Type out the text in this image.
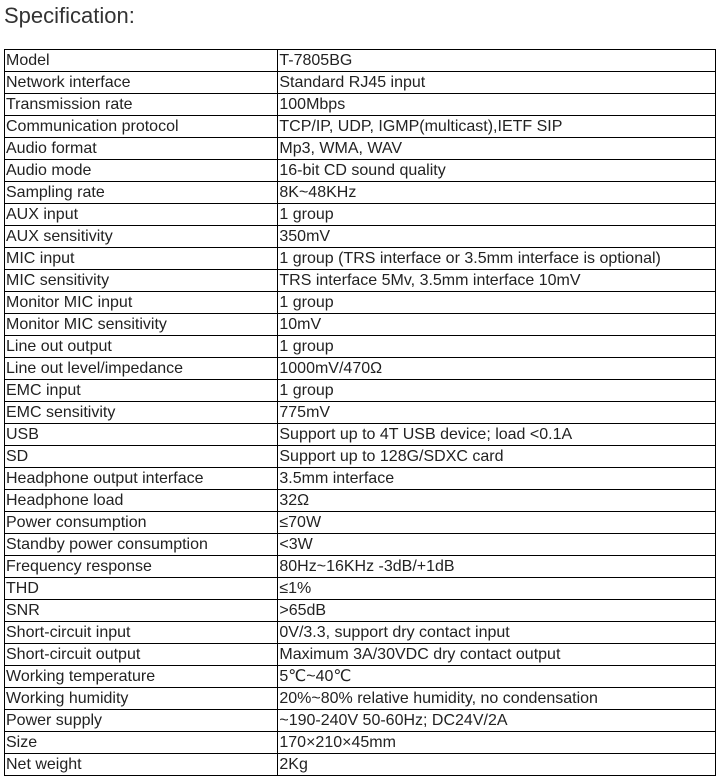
Specification:
Model	T-7805BG
Network interface	Standard RJ45 input
Transmission rate	100Mbps
Communication protocol	TCP/IP, UDP, IGMP(multicast),IETF SIP
Audio format	Mp3, WMA, WAV
Audio mode	16-bit CD sound quality
Sampling rate	8K~48KHz
AUX input	1 group
AUX sensitivity	350mV
MIC input	1 group (TRS interface or 3.5mm interface is optional)
MIC sensitivity	TRS interface 5Mv, 3.5mm interface 10mV
Monitor MIC input	1 group
Monitor MIC sensitivity	10mV
Line out output	1 group
Line out level/impedance	1000mV/470Ω
EMC input	1 group
EMC sensitivity	775mV
USB	Support up to 4T USB device; load <0.1A
SD	Support up to 128G/SDXC card
Headphone output interface	3.5mm interface
Headphone load	32Ω
Power consumption	≤70W
Standby power consumption	<3W
Frequency response	80Hz~16KHz -3dB/+1dB
THD	≤1%
SNR	>65dB
Short-circuit input	0V/3.3, support dry contact input
Short-circuit output	Maximum 3A/30VDC dry contact output
Working temperature	5℃~40℃
Working humidity	20%~80% relative humidity, no condensation
Power supply	~190-240V 50-60Hz; DC24V/2A
Size	170×210×45mm
Net weight	2Kg
